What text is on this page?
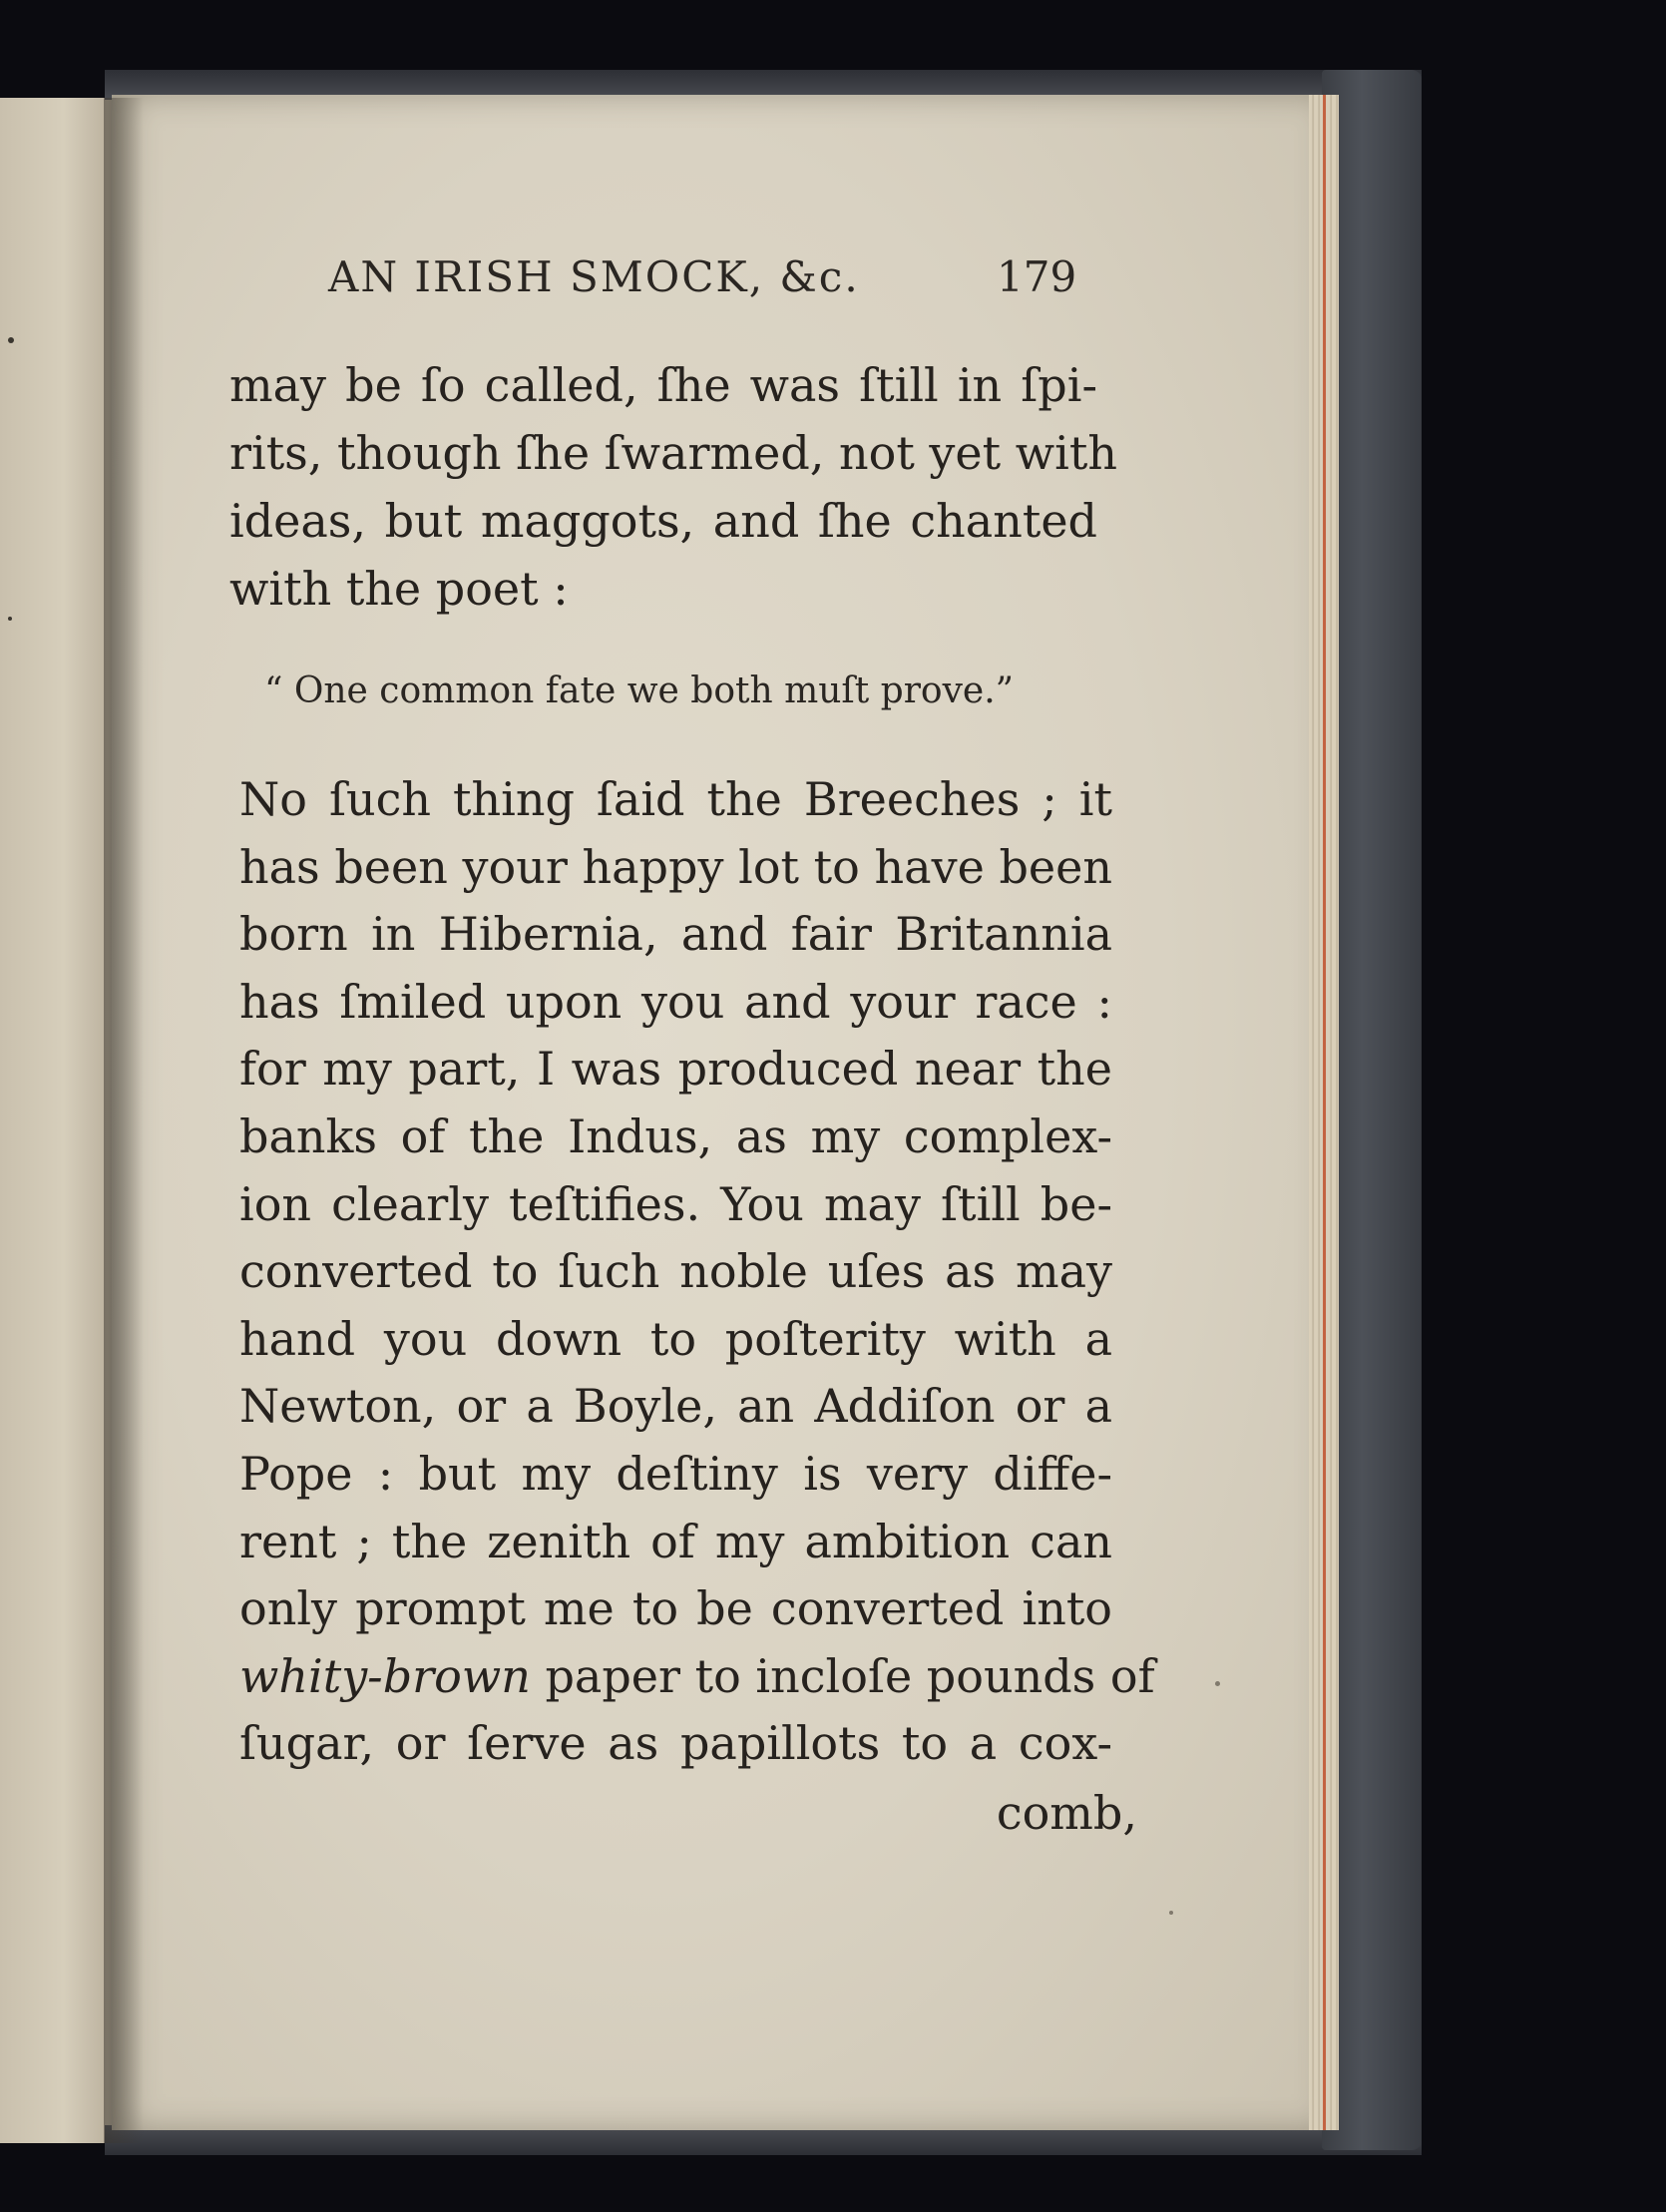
AN IRISH SMOCK, &c.	179
may be ſo called, ſhe was ſtill in ſpi-
rits, though ſhe ſwarmed, not yet with
ideas, but maggots, and ſhe chanted
with the poet :
“ One common fate we both muſt prove.”
No ſuch thing ſaid the Breeches ; it
has been your happy lot to have been
born in Hibernia, and fair Britannia
has ſmiled upon you and your race :
for my part, I was produced near the
banks of the Indus, as my complex-
ion clearly teſtifies. You may ſtill be-
converted to ſuch noble uſes as may
hand you down to poſterity with a
Newton, or a Boyle, an Addiſon or a
Pope : but my deſtiny is very diffe-
rent ; the zenith of my ambition can
only prompt me to be converted into
whity-brown paper to incloſe pounds of
ſugar, or ſerve as papillots to a cox-
comb,
